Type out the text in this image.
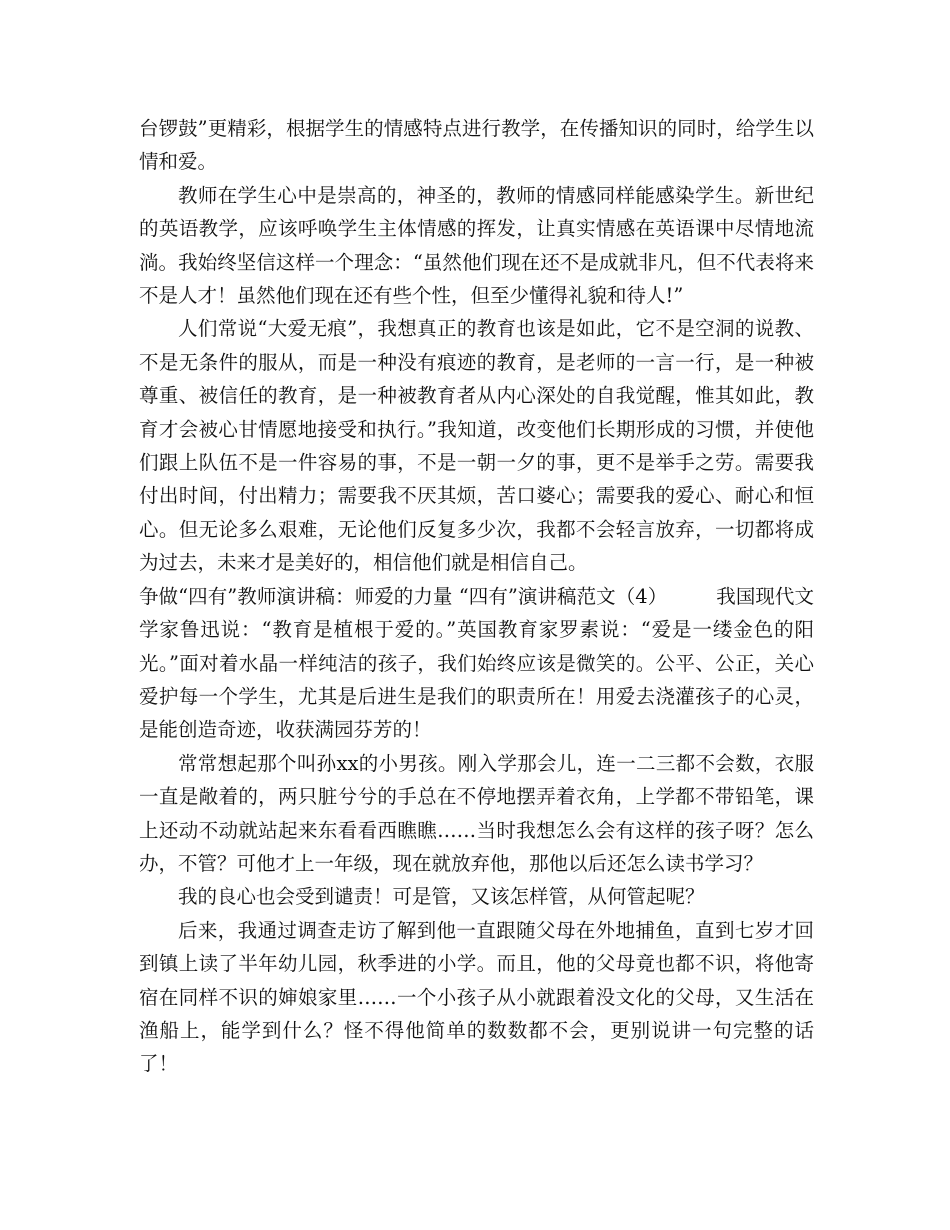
台锣鼓”更精彩，根据学生的情感特点进行教学，在传播知识的同时，给学生以情和爱。

教师在学生心中是崇高的，神圣的，教师的情感同样能感染学生。新世纪的英语教学，应该呼唤学生主体情感的挥发，让真实情感在英语课中尽情地流淌。我始终坚信这样一个理念：“虽然他们现在还不是成就非凡，但不代表将来不是人才！虽然他们现在还有些个性，但至少懂得礼貌和待人!”

人们常说“大爱无痕”，我想真正的教育也该是如此，它不是空洞的说教、不是无条件的服从，而是一种没有痕迹的教育，是老师的一言一行，是一种被尊重、被信任的教育，是一种被教育者从内心深处的自我觉醒，惟其如此，教育才会被心甘情愿地接受和执行。”我知道，改变他们长期形成的习惯，并使他们跟上队伍不是一件容易的事，不是一朝一夕的事，更不是举手之劳。需要我付出时间，付出精力；需要我不厌其烦，苦口婆心；需要我的爱心、耐心和恒心。但无论多么艰难，无论他们反复多少次，我都不会轻言放弃，一切都将成为过去，未来才是美好的，相信他们就是相信自己。

争做“四有”教师演讲稿：师爱的力量 “四有”演讲稿范文（4）　　　我国现代文学家鲁迅说：“教育是植根于爱的。”英国教育家罗素说：“爱是一缕金色的阳光。”面对着水晶一样纯洁的孩子，我们始终应该是微笑的。公平、公正，关心爱护每一个学生，尤其是后进生是我们的职责所在！用爱去浇灌孩子的心灵，是能创造奇迹，收获满园芬芳的！

常常想起那个叫孙xx的小男孩。刚入学那会儿，连一二三都不会数，衣服一直是敞着的，两只脏兮兮的手总在不停地摆弄着衣角，上学都不带铅笔，课上还动不动就站起来东看看西瞧瞧……当时我想怎么会有这样的孩子呀？怎么办，不管？可他才上一年级，现在就放弃他，那他以后还怎么读书学习？

我的良心也会受到谴责！可是管，又该怎样管，从何管起呢？

后来，我通过调查走访了解到他一直跟随父母在外地捕鱼，直到七岁才回到镇上读了半年幼儿园，秋季进的小学。而且，他的父母竟也都不识，将他寄宿在同样不识的婶娘家里……一个小孩子从小就跟着没文化的父母，又生活在渔船上，能学到什么？怪不得他简单的数数都不会，更别说讲一句完整的话了！
